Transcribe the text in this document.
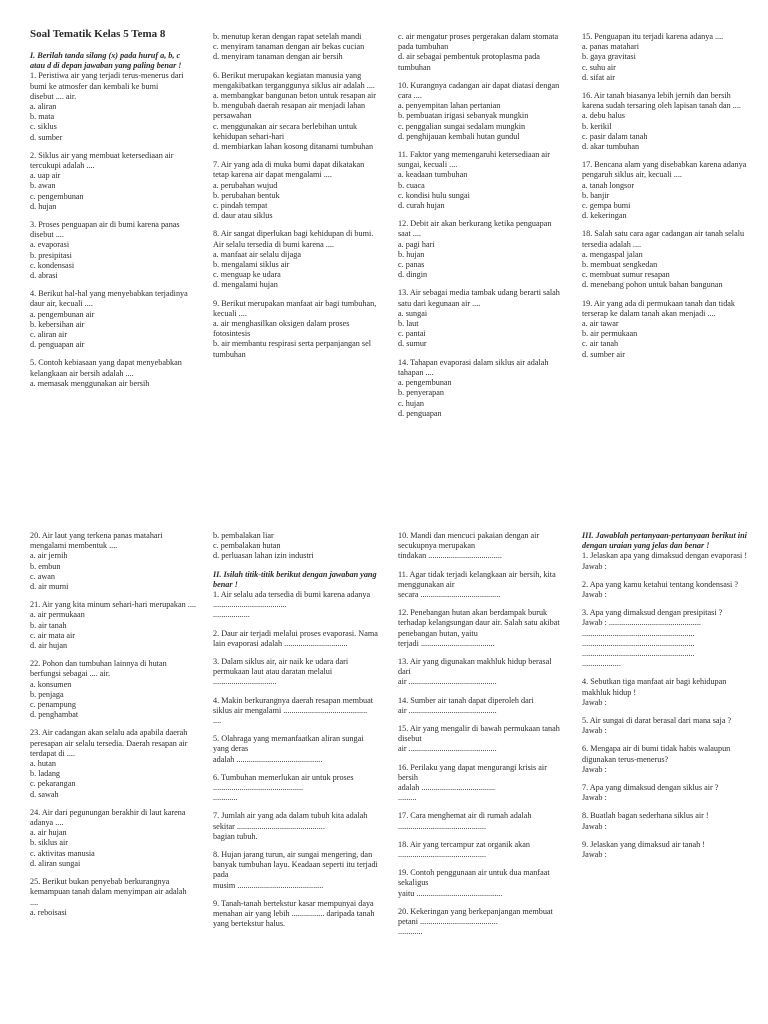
Soal Tematik Kelas 5 Tema 8

I. Berilah tanda silang (x) pada huruf a, b, c atau d di depan jawaban yang paling benar !

1. Peristiwa air yang terjadi terus-menerus dari bumi ke atmosfer dan kembali ke bumi
disebut .... air.

a. aliran
b. mata
c. siklus
d. sumber

2. Siklus air yang membuat ketersediaan air tercukupi adalah ....

a. uap air
b. awan
c. pengembunan
d. hujan

3. Proses penguapan air di bumi karena panas disebut ....

a. evaporasi
b. presipitasi
c. kondensasi
d. abrasi

4. Berikut hal-hal yang menyebabkan terjadinya daur air, kecuali ....

a. pengembunan air
b. kebersihan air
c. aliran air
d. penguapan air

5. Contoh kebiasaan yang dapat menyebabkan kelangkaan air bersih adalah ....

a. memasak menggunakan air bersih

b. menutup keran dengan rapat setelah mandi
c. menyiram tanaman dengan air bekas cucian
d. menyiram tanaman dengan air bersih

6. Berikut merupakan kegiatan manusia yang mengakibatkan terganggunya siklus air adalah ....

a. membangkar bangunan beton untuk resapan air
b. mengubah daerah resapan air menjadi lahan persawahan
c. menggunakan air secara berlebihan untuk kehidupan sehari-hari
d. membiarkan lahan kosong ditanami tumbuhan

7. Air yang ada di muka bumi dapat dikatakan tetap karena air dapat mengalami ....

a. perubahan wujud
b. perubahan bentuk
c. pindah tempat
d. daur atau siklus

8. Air sangat diperlukan bagi kehidupan di bumi. Air selalu tersedia di bumi karena ....

a. manfaat air selalu dijaga
b. mengalami siklus air
c. menguap ke udara
d. mengalami hujan

9. Berikut merupakan manfaat air bagi tumbuhan, kecuali ....

a. air menghasilkan oksigen dalam proses fotosintesis
b. air membantu respirasi serta perpanjangan sel tumbuhan

c. air mengatur proses pergerakan dalam stomata pada tumbuhan
d. air sebagai pembentuk protoplasma pada tumbuhan

10. Kurangnya cadangan air dapat diatasi dengan cara ....

a. penyempitan lahan pertanian
b. pembuatan irigasi sebanyak mungkin
c. penggalian sungai sedalam mungkin
d. penghijauan kembali hutan gundul

11. Faktor yang memengaruhi ketersediaan air sungai, kecuali ....

a. keadaan tumbuhan
b. cuaca
c. kondisi hulu sungai
d. curah hujan

12. Debit air akan berkurang ketika penguapan saat ....

a. pagi hari
b. hujan
c. panas
d. dingin

13. Air sebagai media tambak udang berarti salah satu dari kegunaan air ....

a. sungai
b. laut
c. pantai
d. sumur

14. Tahapan evaporasi dalam siklus air adalah tahapan ....

a. pengembunan
b. penyerapan
c. hujan
d. penguapan

15. Penguapan itu terjadi karena adanya ....

a. panas matahari
b. gaya gravitasi
c. suhu air
d. sifat air

16. Air tanah biasanya lebih jernih dan bersih karena sudah tersaring oleh lapisan tanah dan ....

a. debu halus
b. kerikil
c. pasir dalam tanah
d. akar tumbuhan

17. Bencana alam yang disebabkan karena adanya pengaruh siklus air, kecuali ....

a. tanah longsor
b. banjir
c. gempa bumi
d. kekeringan

18. Salah satu cara agar cadangan air tanah selalu tersedia adalah ....

a. mengaspal jalan
b. membuat sengkedan
c. membuat sumur resapan
d. menebang pohon untuk bahan bangunan

19. Air yang ada di permukaan tanah dan tidak terserap ke dalam tanah akan menjadi ....

a. air tawar
b. air permukaan
c. air tanah
d. sumber air

20. Air laut yang terkena panas matahari mengalami membentuk ....

a. air jernih
b. embun
c. awan
d. air murni

21. Air yang kita minum sehari-hari merupakan ....

a. air permukaan
b. air tanah
c. air mata air
d. air hujan

22. Pohon dan tumbuhan lainnya di hutan berfungsi sebagai .... air.

a. konsumen
b. penjaga
c. penampung
d. penghambat

23. Air cadangan akan selalu ada apabila daerah peresapan air selalu tersedia. Daerah resapan air terdapat di ....

a. hutan
b. ladang
c. pekarangan
d. sawah

24. Air dari pegunungan berakhir di laut karena adanya ....

a. air hujan
b. siklus air
c. aktivitas manusia
d. aliran sungai

25. Berikut bukan penyebab berkurangnya kemampuan tanah dalam menyimpan air adalah ....

a. reboisasi

b. pembalakan liar
c. pembalakan hutan
d. perluasan lahan izin industri

II. Isilah titik-titik berikut dengan jawaban yang benar !

1. Air selalu ada tersedia di bumi karena adanya ....................................
..................

2. Daur air terjadi melalui proses evaporasi. Nama lain evaporasi adalah ...............................

3. Dalam siklus air, air naik ke udara dari permukaan laut atau daratan melalui ...............................

4. Makin berkurangnya daerah resapan membuat siklus air mengalami .........................................
....

5. Olahraga yang memanfaatkan aliran sungai yang deras
adalah ..........................................

6. Tumbuhan memerlukan air untuk proses ............................................
............

7. Jumlah air yang ada dalam tubuh kita adalah
sekitar ...........................................
bagian tubuh.

8. Hujan jarang turun, air sungai mengering, dan banyak tumbuhan layu. Keadaan seperti itu terjadi pada
musim ..........................................

9. Tanah-tanah bertekstur kasar mempunyai daya menahan air yang lebih ................ daripada tanah yang bertekstur halus.

10. Mandi dan mencuci pakaian dengan air secukupnya merupakan
tindakan ....................................

11. Agar tidak terjadi kelangkaan air bersih, kita menggunakan air
secara .......................................

12. Penebangan hutan akan berdampak buruk terhadap kelangsungan daur air. Salah satu akibat
penebangan hutan, yaitu
terjadi ....................................

13. Air yang digunakan makhluk hidup berasal dari
air ...........................................

14. Sumber air tanah dapat diperoleh dari
air ...........................................

15. Air yang mengalir di bawah permukaan tanah disebut
air ...........................................

16. Perilaku yang dapat mengurangi krisis air bersih
adalah ....................................
.........

17. Cara menghemat air di rumah adalah ...........................................

18. Air yang tercampur zat organik akan ...........................................

19. Contoh penggunaan air untuk dua manfaat sekaligus
yaitu ..........................................

20. Kekeringan yang berkepanjangan membuat
petani ......................................
............

III. Jawablah pertanyaan-pertanyaan berikut ini dengan uraian yang jelas dan benar !

1. Jelaskan apa yang dimaksud dengan evaporasi !
Jawab :

2. Apa yang kamu ketahui tentang kondensasi ?
Jawab :

3. Apa yang dimaksud dengan presipitasi ?
Jawab : .............................................
.......................................................
.......................................................
.......................................................
...................

4. Sebutkan tiga manfaat air bagi kehidupan makhluk hidup !
Jawab :

5. Air sungai di darat berasal dari mana saja ?
Jawab :

6. Mengapa air di bumi tidak habis walaupun digunakan terus-menerus?
Jawab :

7. Apa yang dimaksud dengan siklus air ?
Jawab :

8. Buatlah bagan sederhana siklus air !
Jawab :

9. Jelaskan yang dimaksud air tanah !
Jawab :
